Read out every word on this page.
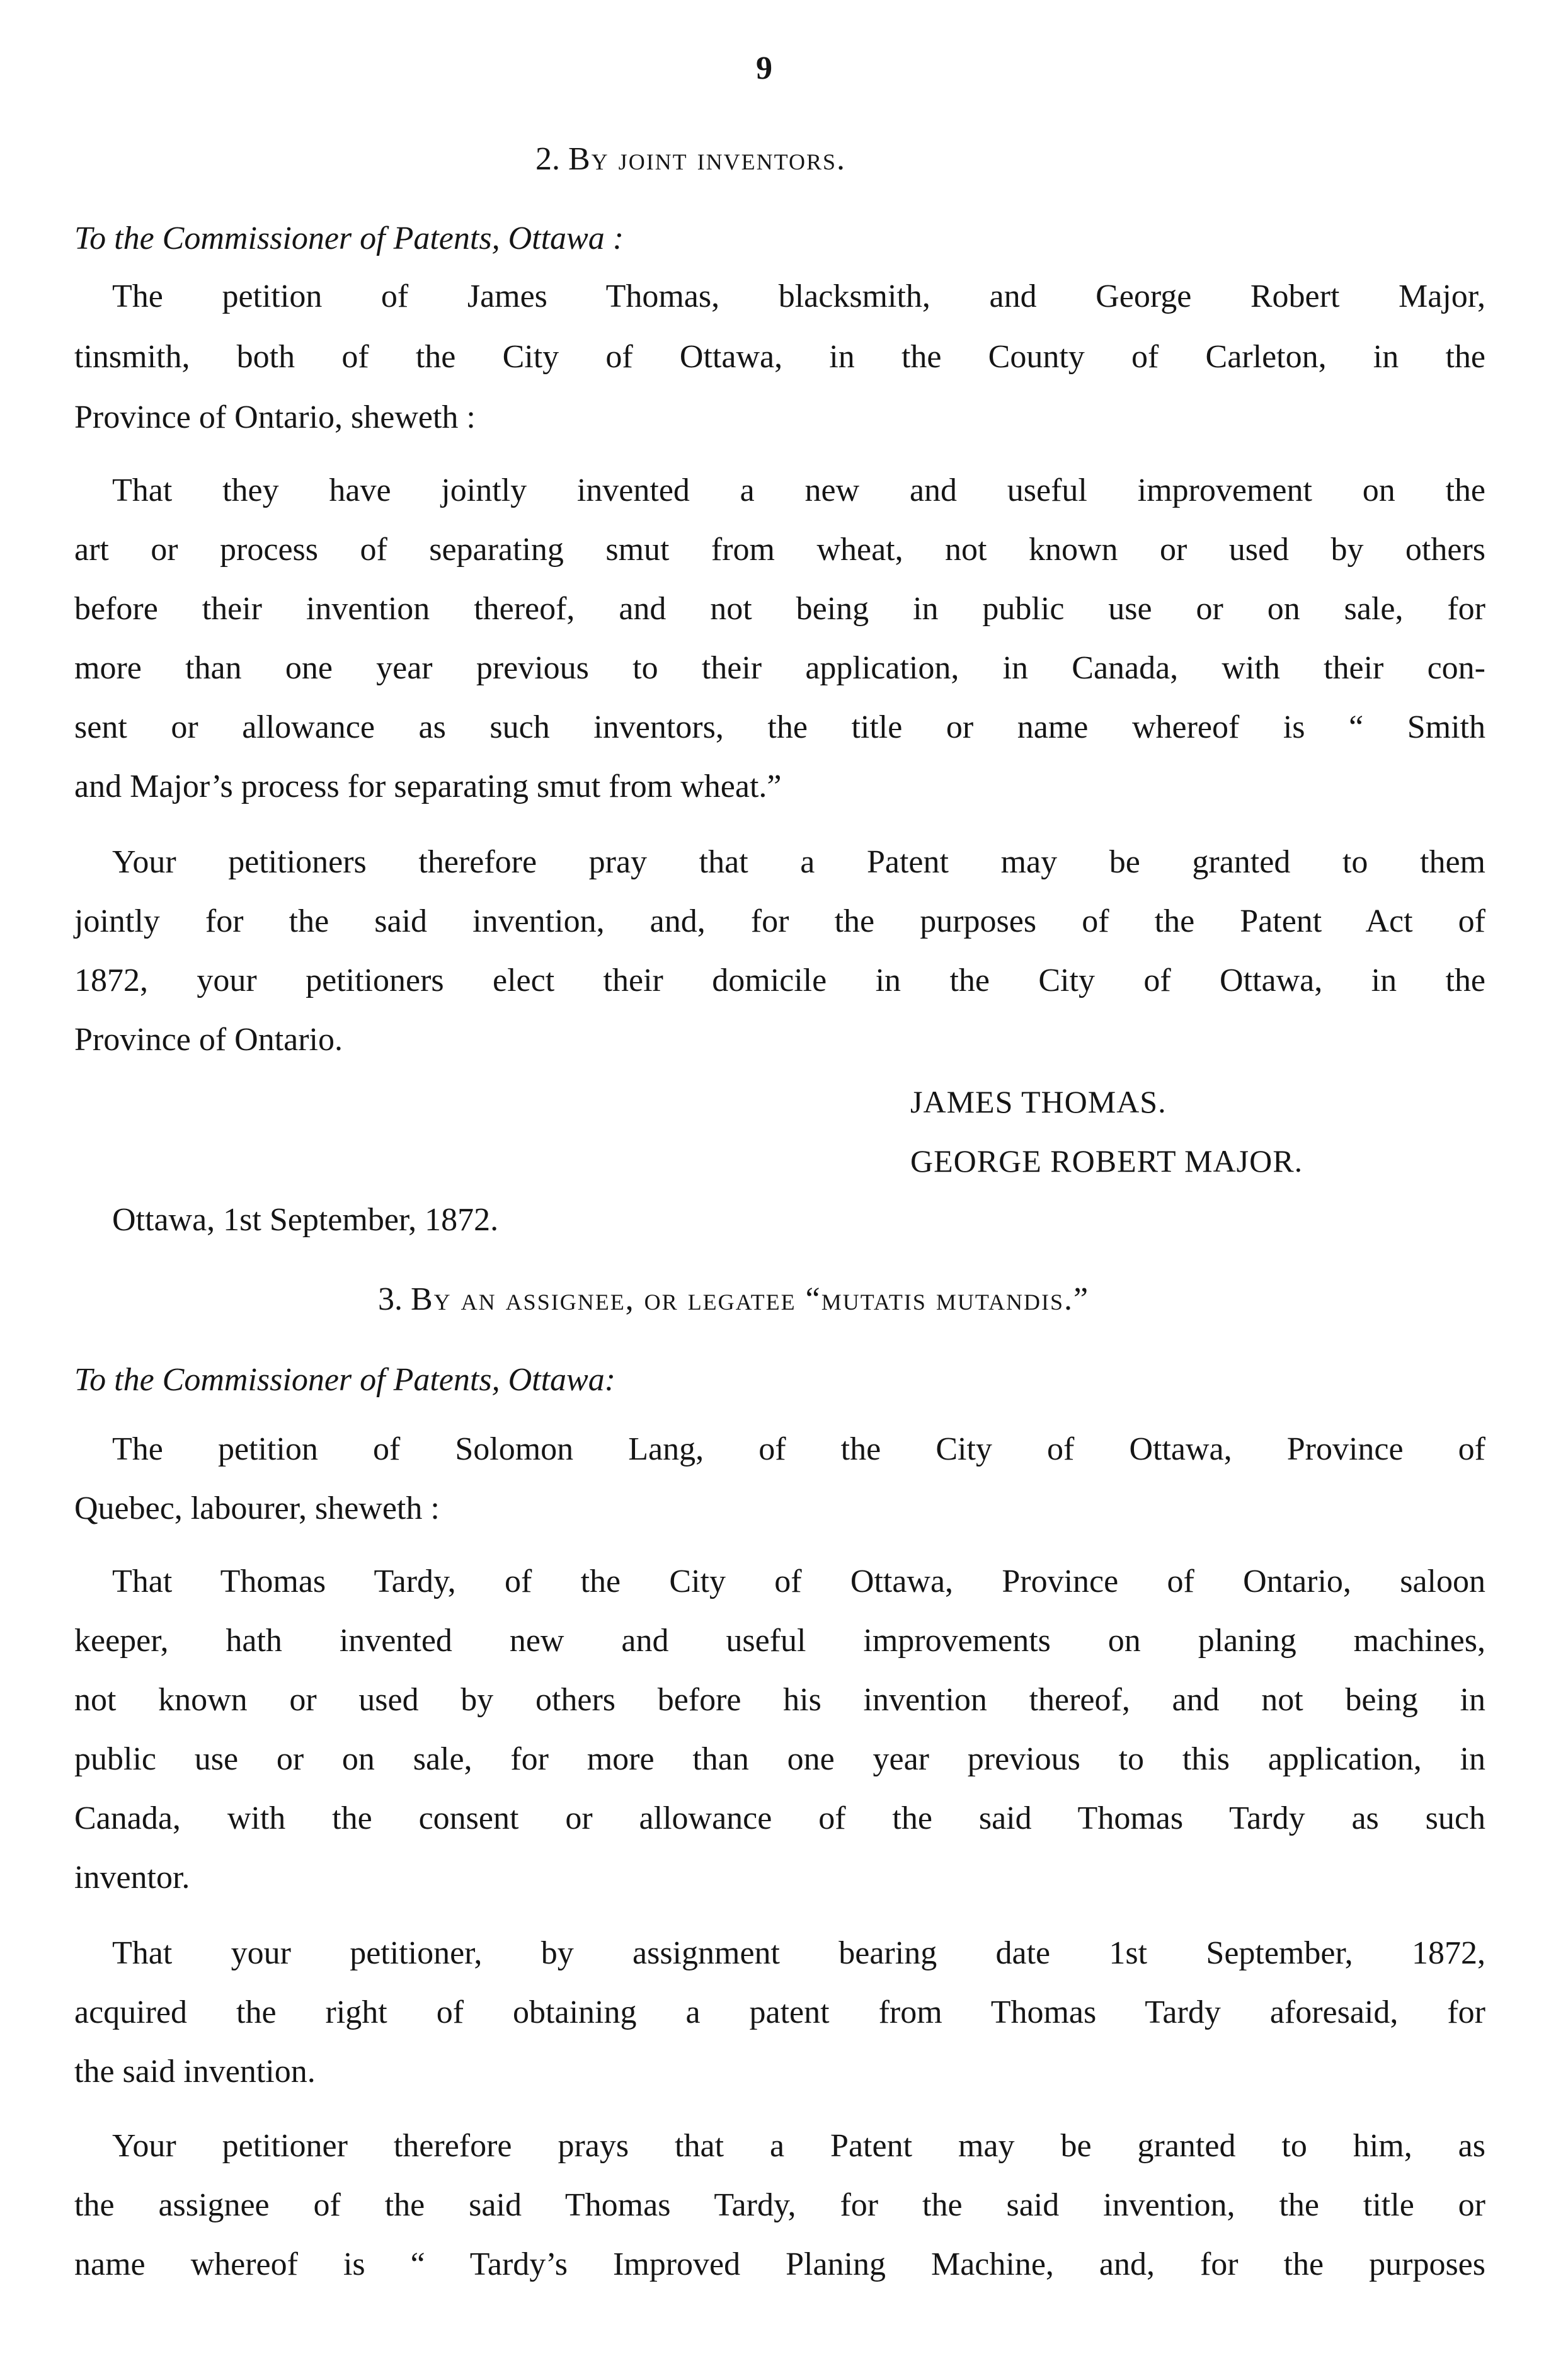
9
2. By joint inventors.
To the Commissioner of Patents, Ottawa :
The petition of James Thomas, blacksmith, and George Robert Major,
tinsmith, both of the City of Ottawa, in the County of Carleton, in the
Province of Ontario, sheweth :
That they have jointly invented a new and useful improvement on the
art or process of separating smut from wheat, not known or used by others
before their invention thereof, and not being in public use or on sale, for
more than one year previous to their application, in Canada, with their con-
sent or allowance as such inventors, the title or name whereof is “ Smith
and Major’s process for separating smut from wheat.”
Your petitioners therefore pray that a Patent may be granted to them
jointly for the said invention, and, for the purposes of the Patent Act of
1872, your petitioners elect their domicile in the City of Ottawa, in the
Province of Ontario.
JAMES THOMAS.
GEORGE ROBERT MAJOR.
Ottawa, 1st September, 1872.
3. By an assignee, or legatee “mutatis mutandis.”
To the Commissioner of Patents, Ottawa:
The petition of Solomon Lang, of the City of Ottawa, Province of
Quebec, labourer, sheweth :
That Thomas Tardy, of the City of Ottawa, Province of Ontario, saloon
keeper, hath invented new and useful improvements on planing machines,
not known or used by others before his invention thereof, and not being in
public use or on sale, for more than one year previous to this application, in
Canada, with the consent or allowance of the said Thomas Tardy as such
inventor.
That your petitioner, by assignment bearing date 1st September, 1872,
acquired the right of obtaining a patent from Thomas Tardy aforesaid, for
the said invention.
Your petitioner therefore prays that a Patent may be granted to him, as
the assignee of the said Thomas Tardy, for the said invention, the title or
name whereof is “ Tardy’s Improved Planing Machine, and, for the purposes
